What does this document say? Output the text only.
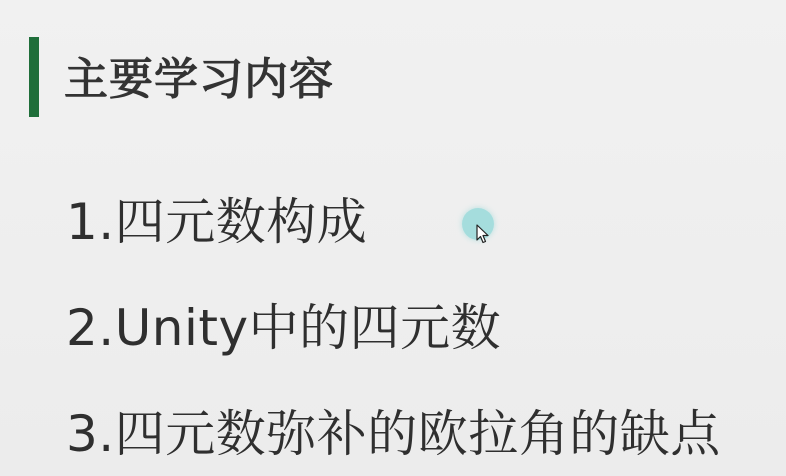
主要学习内容
1.四元数构成
2.Unity中的四元数
3.四元数弥补的欧拉角的缺点
